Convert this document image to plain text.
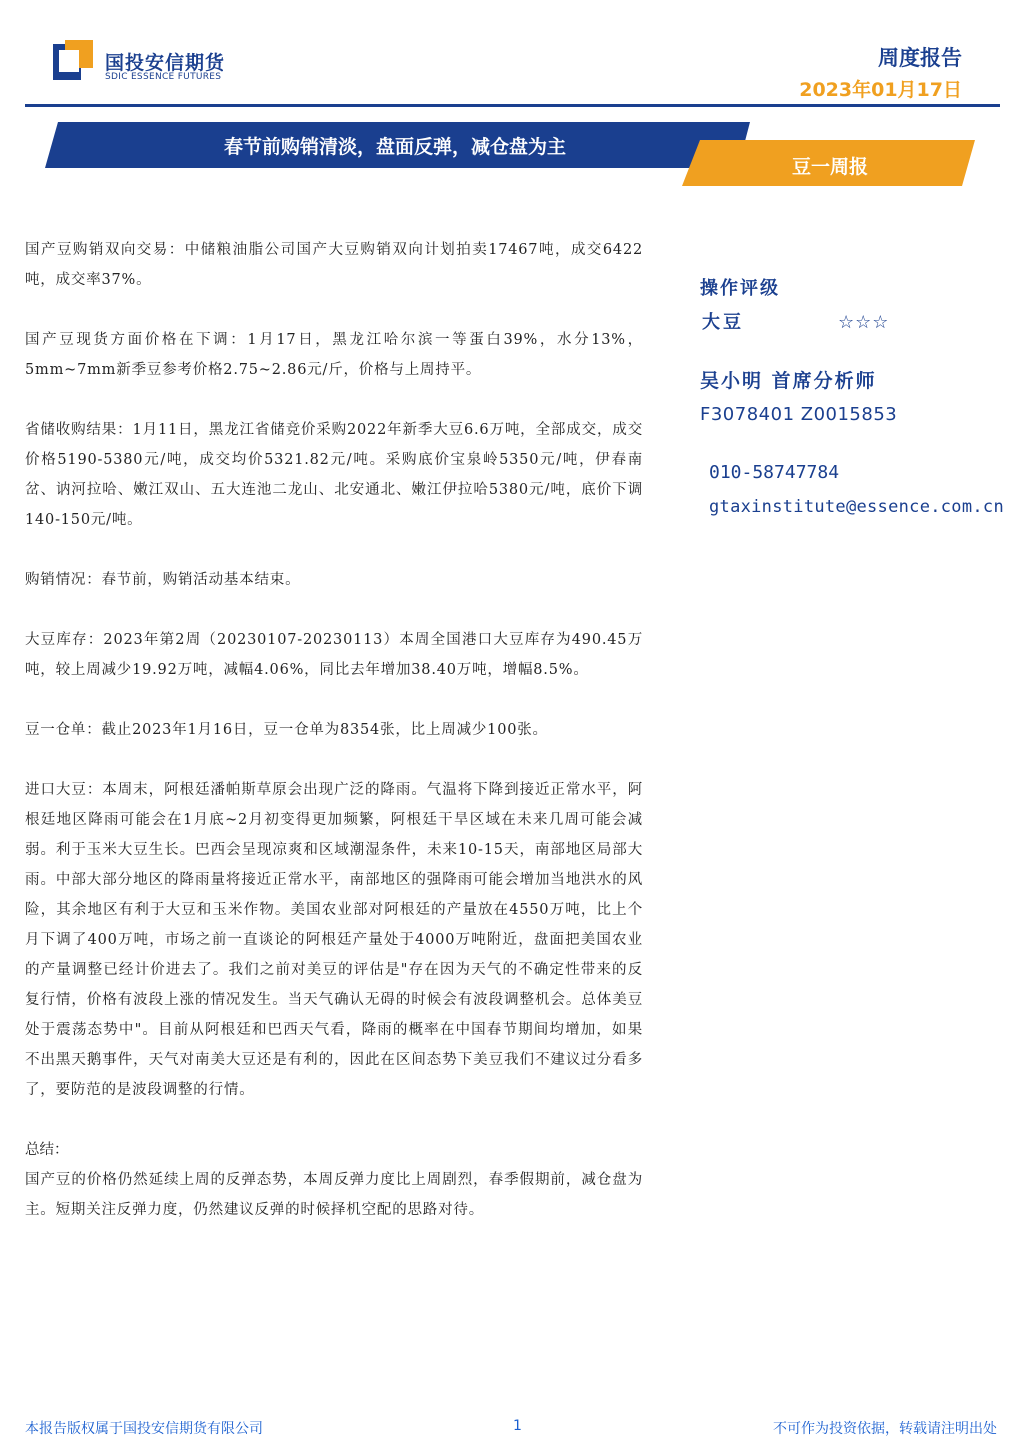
国投安信期货
SDIC ESSENCE FUTURES
周度报告
2023年01月17日
春节前购销清淡，盘面反弹，减仓盘为主
豆一周报

国产豆购销双向交易：中储粮油脂公司国产大豆购销双向计划拍卖17467吨，成交6422吨，成交率37%。

国产豆现货方面价格在下调：1月17日，黑龙江哈尔滨一等蛋白39%，水分13%，5mm~7mm新季豆参考价格2.75~2.86元/斤，价格与上周持平。

省储收购结果：1月11日，黑龙江省储竞价采购2022年新季大豆6.6万吨，全部成交，成交价格5190-5380元/吨，成交均价5321.82元/吨。采购底价宝泉岭5350元/吨，伊春南岔、讷河拉哈、嫩江双山、五大连池二龙山、北安通北、嫩江伊拉哈5380元/吨，底价下调140-150元/吨。

购销情况：春节前，购销活动基本结束。

大豆库存：2023年第2周（20230107-20230113）本周全国港口大豆库存为490.45万吨，较上周减少19.92万吨，减幅4.06%，同比去年增加38.40万吨，增幅8.5%。

豆一仓单：截止2023年1月16日，豆一仓单为8354张，比上周减少100张。

进口大豆：本周末，阿根廷潘帕斯草原会出现广泛的降雨。气温将下降到接近正常水平，阿根廷地区降雨可能会在1月底~2月初变得更加频繁，阿根廷干旱区域在未来几周可能会减弱。利于玉米大豆生长。巴西会呈现凉爽和区域潮湿条件，未来10-15天，南部地区局部大雨。中部大部分地区的降雨量将接近正常水平，南部地区的强降雨可能会增加当地洪水的风险，其余地区有利于大豆和玉米作物。美国农业部对阿根廷的产量放在4550万吨，比上个月下调了400万吨，市场之前一直谈论的阿根廷产量处于4000万吨附近，盘面把美国农业的产量调整已经计价进去了。我们之前对美豆的评估是"存在因为天气的不确定性带来的反复行情，价格有波段上涨的情况发生。当天气确认无碍的时候会有波段调整机会。总体美豆处于震荡态势中"。目前从阿根廷和巴西天气看，降雨的概率在中国春节期间均增加，如果不出黑天鹅事件，天气对南美大豆还是有利的，因此在区间态势下美豆我们不建议过分看多了，要防范的是波段调整的行情。

总结：

国产豆的价格仍然延续上周的反弹态势，本周反弹力度比上周剧烈，春季假期前，减仓盘为主。短期关注反弹力度，仍然建议反弹的时候择机空配的思路对待。

操作评级
大豆	☆☆☆
吴小明 首席分析师
F3078401 Z0015853
010-58747784
gtaxinstitute@essence.com.cn
本报告版权属于国投安信期货有限公司	1	不可作为投资依据，转载请注明出处
